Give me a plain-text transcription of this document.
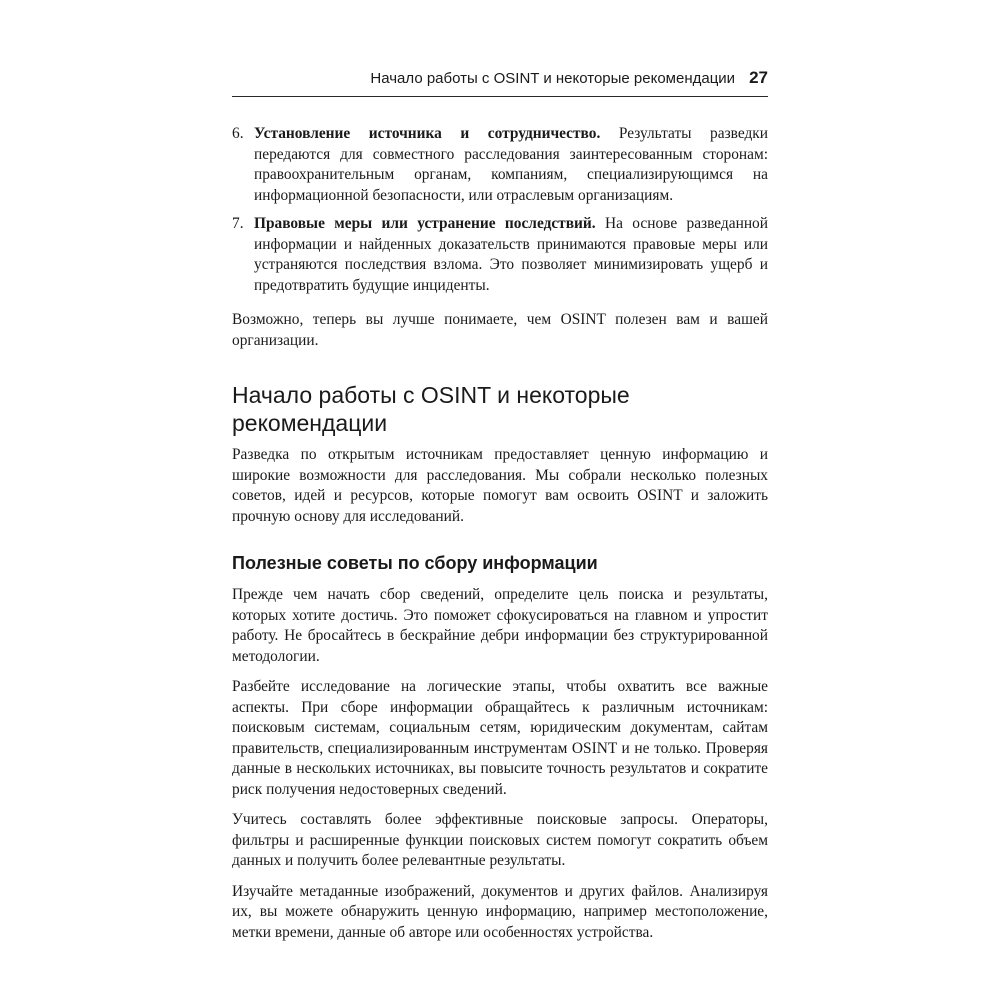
Начало работы с OSINT и некоторые рекомендации 27
6. Установление источника и сотрудничество. Результаты разведки передаются для совместного расследования заинтересованным сторонам: правоохранительным органам, компаниям, специализирующимся на информационной безопасности, или отраслевым организациям.
7. Правовые меры или устранение последствий. На основе разведанной информации и найденных доказательств принимаются правовые меры или устраняются последствия взлома. Это позволяет минимизировать ущерб и предотвратить будущие инциденты.

Возможно, теперь вы лучше понимаете, чем OSINT полезен вам и вашей организации.

Начало работы с OSINT и некоторые рекомендации

Разведка по открытым источникам предоставляет ценную информацию и широкие возможности для расследования. Мы собрали несколько полезных советов, идей и ресурсов, которые помогут вам освоить OSINT и заложить прочную основу для исследований.

Полезные советы по сбору информации

Прежде чем начать сбор сведений, определите цель поиска и результаты, которых хотите достичь. Это поможет сфокусироваться на главном и упростит работу. Не бросайтесь в бескрайние дебри информации без структурированной методологии.

Разбейте исследование на логические этапы, чтобы охватить все важные аспекты. При сборе информации обращайтесь к различным источникам: поисковым системам, социальным сетям, юридическим документам, сайтам правительств, специализированным инструментам OSINT и не только. Проверяя данные в нескольких источниках, вы повысите точность результатов и сократите риск получения недостоверных сведений.

Учитесь составлять более эффективные поисковые запросы. Операторы, фильтры и расширенные функции поисковых систем помогут сократить объем данных и получить более релевантные результаты.

Изучайте метаданные изображений, документов и других файлов. Анализируя их, вы можете обнаружить ценную информацию, например местоположение, метки времени, данные об авторе или особенностях устройства.
